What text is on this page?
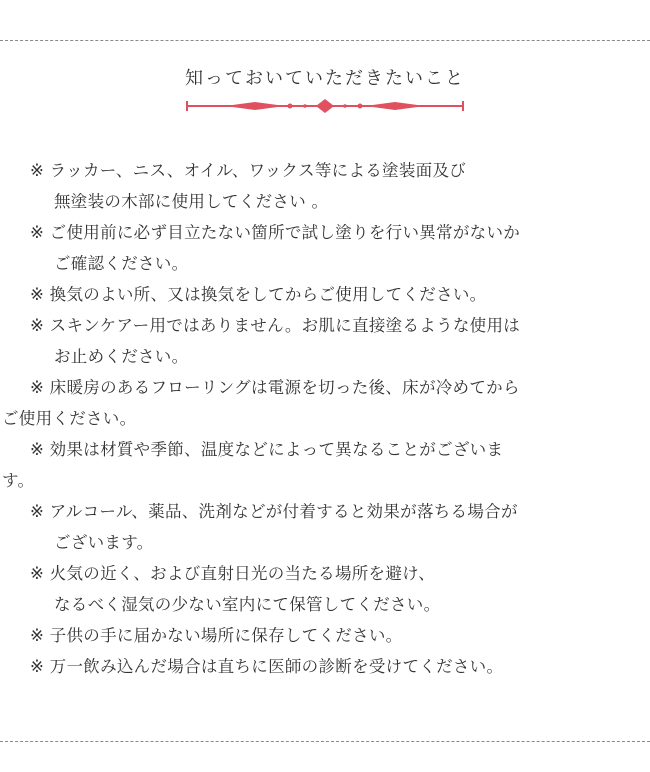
知っておいていただきたいこと
※ ラッカー、ニス、オイル、ワックス等による塗装面及び
無塗装の木部に使用してください 。
※ ご使用前に必ず目立たない箇所で試し塗りを行い異常がないか
ご確認ください。
※ 換気のよい所、又は換気をしてからご使用してください。
※ スキンケアー用ではありません。お肌に直接塗るような使用は
お止めください。
※ 床暖房のあるフローリングは電源を切った後、床が冷めてから
ご使用ください。
※ 効果は材質や季節、温度などによって異なることがございま
す。
※ アルコール、薬品、洗剤などが付着すると効果が落ちる場合が
ございます。
※ 火気の近く、および直射日光の当たる場所を避け、
なるべく湿気の少ない室内にて保管してください。
※ 子供の手に届かない場所に保存してください。
※ 万一飲み込んだ場合は直ちに医師の診断を受けてください。
